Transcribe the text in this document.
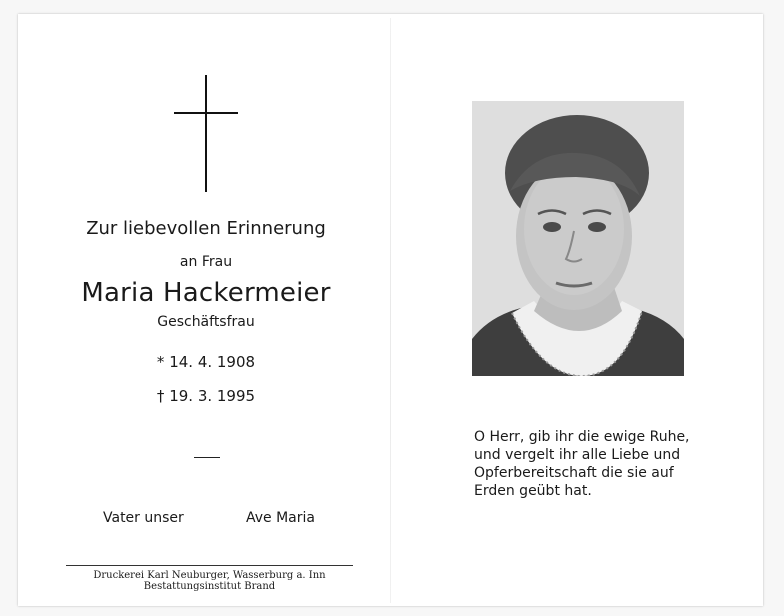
Zur liebevollen Erinnerung
an Frau
Maria Hackermeier
Geschäftsfrau
* 14. 4. 1908
† 19. 3. 1995
Vater unser	Ave Maria
Druckerei Karl Neuburger, Wasserburg a. Inn
Bestattungsinstitut Brand
O Herr, gib ihr die ewige Ruhe,
und vergelt ihr alle Liebe und
Opferbereitschaft die sie auf
Erden geübt hat.
